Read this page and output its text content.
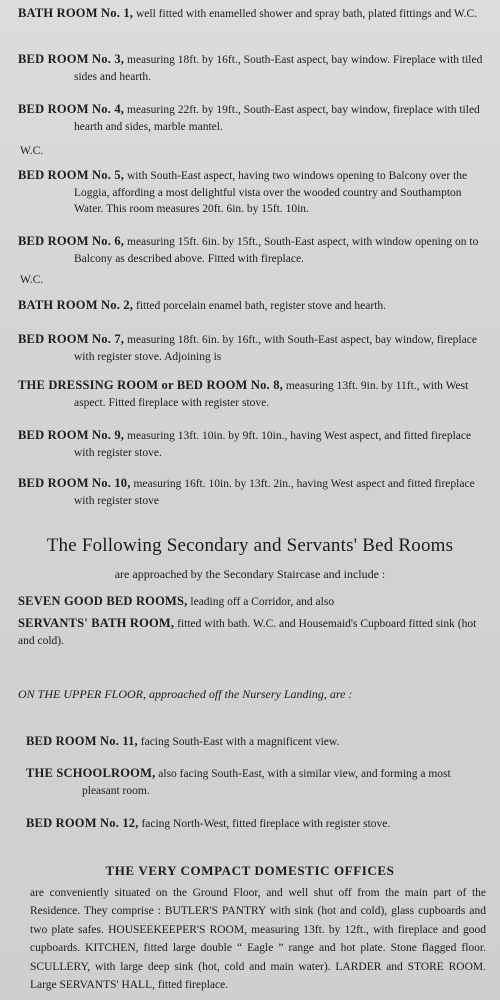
BATH ROOM No. 1, well fitted with enamelled shower and spray bath, plated fittings and W.C.
BED ROOM No. 3, measuring 18ft. by 16ft., South-East aspect, bay window. Fireplace with tiled sides and hearth.
BED ROOM No. 4, measuring 22ft. by 19ft., South-East aspect, bay window, fireplace with tiled hearth and sides, marble mantel.
W.C.
BED ROOM No. 5, with South-East aspect, having two windows opening to Balcony over the Loggia, affording a most delightful vista over the wooded country and Southampton Water. This room measures 20ft. 6in. by 15ft. 10in.
BED ROOM No. 6, measuring 15ft. 6in. by 15ft., South-East aspect, with window opening on to Balcony as described above. Fitted with fireplace.
W.C.
BATH ROOM No. 2, fitted porcelain enamel bath, register stove and hearth.
BED ROOM No. 7, measuring 18ft. 6in. by 16ft., with South-East aspect, bay window, fireplace with register stove. Adjoining is
THE DRESSING ROOM or BED ROOM No. 8, measuring 13ft. 9in. by 11ft., with West aspect. Fitted fireplace with register stove.
BED ROOM No. 9, measuring 13ft. 10in. by 9ft. 10in., having West aspect, and fitted fireplace with register stove.
BED ROOM No. 10, measuring 16ft. 10in. by 13ft. 2in., having West aspect and fitted fireplace with register stove
The Following Secondary and Servants' Bed Rooms
are approached by the Secondary Staircase and include :
SEVEN GOOD BED ROOMS, leading off a Corridor, and also
SERVANTS' BATH ROOM, fitted with bath. W.C. and Housemaid's Cupboard fitted sink (hot and cold).
ON THE UPPER FLOOR, approached off the Nursery Landing, are :
BED ROOM No. 11, facing South-East with a magnificent view.
THE SCHOOLROOM, also facing South-East, with a similar view, and forming a most pleasant room.
BED ROOM No. 12, facing North-West, fitted fireplace with register stove.
THE VERY COMPACT DOMESTIC OFFICES
are conveniently situated on the Ground Floor, and well shut off from the main part of the Residence. They comprise : BUTLER'S PANTRY with sink (hot and cold), glass cupboards and two plate safes. HOUSEEKEEPER'S ROOM, measuring 13ft. by 12ft., with fireplace and good cupboards. KITCHEN, fitted large double “ Eagle ” range and hot plate. Stone flagged floor. SCULLERY, with large deep sink (hot, cold and main water). LARDER and STORE ROOM. Large SERVANTS' HALL, fitted fireplace.
